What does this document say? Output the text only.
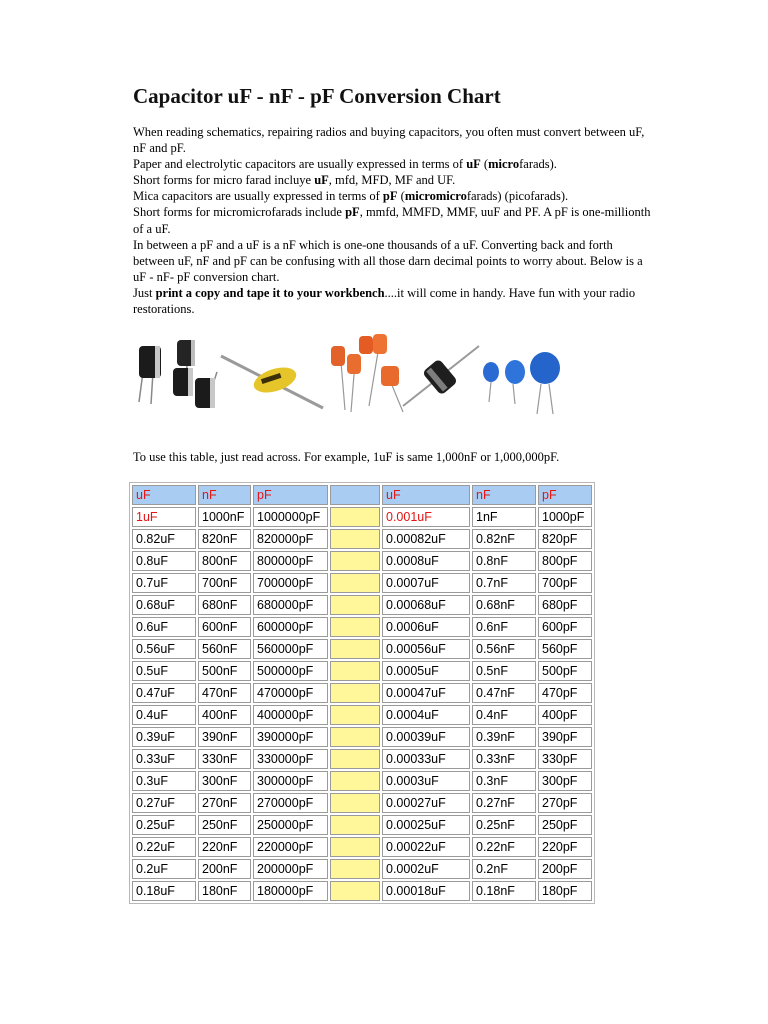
Capacitor uF - nF - pF Conversion Chart

When reading schematics, repairing radios and buying capacitors, you often must convert between uF, nF and pF.

Paper and electrolytic capacitors are usually expressed in terms of uF (microfarads).

Short forms for micro farad incluye uF, mfd, MFD, MF and UF.

Mica capacitors are usually expressed in terms of pF (micromicrofarads) (picofarads).

Short forms for micromicrofarads include pF, mmfd, MMFD, MMF, uuF and PF. A pF is one-millionth of a uF.

In between a pF and a uF is a nF which is one-one thousands of a uF. Converting back and forth between uF, nF and pF can be confusing with all those darn decimal points to worry about. Below is a uF - nF- pF conversion chart.

Just print a copy and tape it to your workbench....it will come in handy. Have fun with your radio restorations.

To use this table, just read across. For example, 1uF is same 1,000nF or 1,000,000pF.
uF	nF	pF		uF	nF	pF
1uF	1000nF	1000000pF		0.001uF	1nF	1000pF
0.82uF	820nF	820000pF		0.00082uF	0.82nF	820pF
0.8uF	800nF	800000pF		0.0008uF	0.8nF	800pF
0.7uF	700nF	700000pF		0.0007uF	0.7nF	700pF
0.68uF	680nF	680000pF		0.00068uF	0.68nF	680pF
0.6uF	600nF	600000pF		0.0006uF	0.6nF	600pF
0.56uF	560nF	560000pF		0.00056uF	0.56nF	560pF
0.5uF	500nF	500000pF		0.0005uF	0.5nF	500pF
0.47uF	470nF	470000pF		0.00047uF	0.47nF	470pF
0.4uF	400nF	400000pF		0.0004uF	0.4nF	400pF
0.39uF	390nF	390000pF		0.00039uF	0.39nF	390pF
0.33uF	330nF	330000pF		0.00033uF	0.33nF	330pF
0.3uF	300nF	300000pF		0.0003uF	0.3nF	300pF
0.27uF	270nF	270000pF		0.00027uF	0.27nF	270pF
0.25uF	250nF	250000pF		0.00025uF	0.25nF	250pF
0.22uF	220nF	220000pF		0.00022uF	0.22nF	220pF
0.2uF	200nF	200000pF		0.0002uF	0.2nF	200pF
0.18uF	180nF	180000pF		0.00018uF	0.18nF	180pF
